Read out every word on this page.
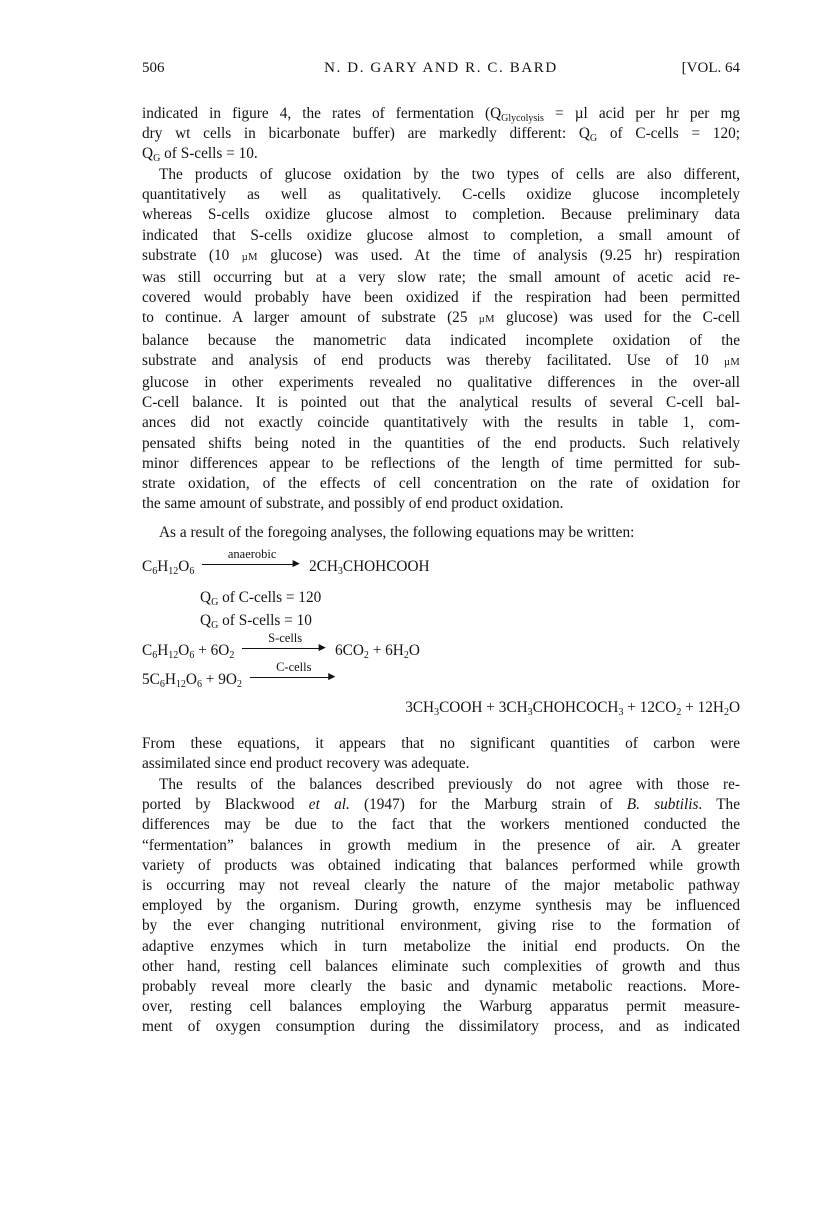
506	N. D. GARY AND R. C. BARD	[VOL. 64

indicated in figure 4, the rates of fermentation ($Q_{Glycolysis} = \mu l$ acid per hr per mg

dry wt cells in bicarbonate buffer) are markedly different: $Q_G$ of C-cells = 120;

$Q_G$ of S-cells = 10.

The products of glucose oxidation by the two types of cells are also different,

quantitatively as well as qualitatively. C-cells oxidize glucose incompletely

whereas S-cells oxidize glucose almost to completion. Because preliminary data

indicated that S-cells oxidize glucose almost to completion, a small amount of

substrate (10 µM glucose) was used. At the time of analysis (9.25 hr) respiration

was still occurring but at a very slow rate; the small amount of acetic acid re-

covered would probably have been oxidized if the respiration had been permitted

to continue. A larger amount of substrate (25 µM glucose) was used for the C-cell

balance because the manometric data indicated incomplete oxidation of the

substrate and analysis of end products was thereby facilitated. Use of 10 µM

glucose in other experiments revealed no qualitative differences in the over-all

C-cell balance. It is pointed out that the analytical results of several C-cell bal-

ances did not exactly coincide quantitatively with the results in table 1, com-

pensated shifts being noted in the quantities of the end products. Such relatively

minor differences appear to be reflections of the length of time permitted for sub-

strate oxidation, of the effects of cell concentration on the rate of oxidation for

the same amount of substrate, and possibly of end product oxidation.

As a result of the foregoing analyses, the following equations may be written:

$C_6H_{12}O_6$
anaerobic
► $2CH_3CHOHCOOH$
$Q_G$ of C-cells = 120
$Q_G$ of S-cells = 10
$C_6H_{12}O_6 + 6O_2$
S-cells
► $6CO_2 + 6H_2O$
$5C_6H_{12}O_6 + 9O_2$
C-cells
►
$3CH_3COOH$ + $3CH_3CHOHCOCH_3 + 12CO_2 + 12H_2O$

From these equations, it appears that no significant quantities of carbon were

assimilated since end product recovery was adequate.

The results of the balances described previously do not agree with those re-

ported by Blackwood et al. (1947) for the Marburg strain of B. subtilis. The

differences may be due to the fact that the workers mentioned conducted the

“fermentation” balances in growth medium in the presence of air. A greater

variety of products was obtained indicating that balances performed while growth

is occurring may not reveal clearly the nature of the major metabolic pathway

employed by the organism. During growth, enzyme synthesis may be influenced

by the ever changing nutritional environment, giving rise to the formation of

adaptive enzymes which in turn metabolize the initial end products. On the

other hand, resting cell balances eliminate such complexities of growth and thus

probably reveal more clearly the basic and dynamic metabolic reactions. More-

over, resting cell balances employing the Warburg apparatus permit measure-

ment of oxygen consumption during the dissimilatory process, and as indicated
